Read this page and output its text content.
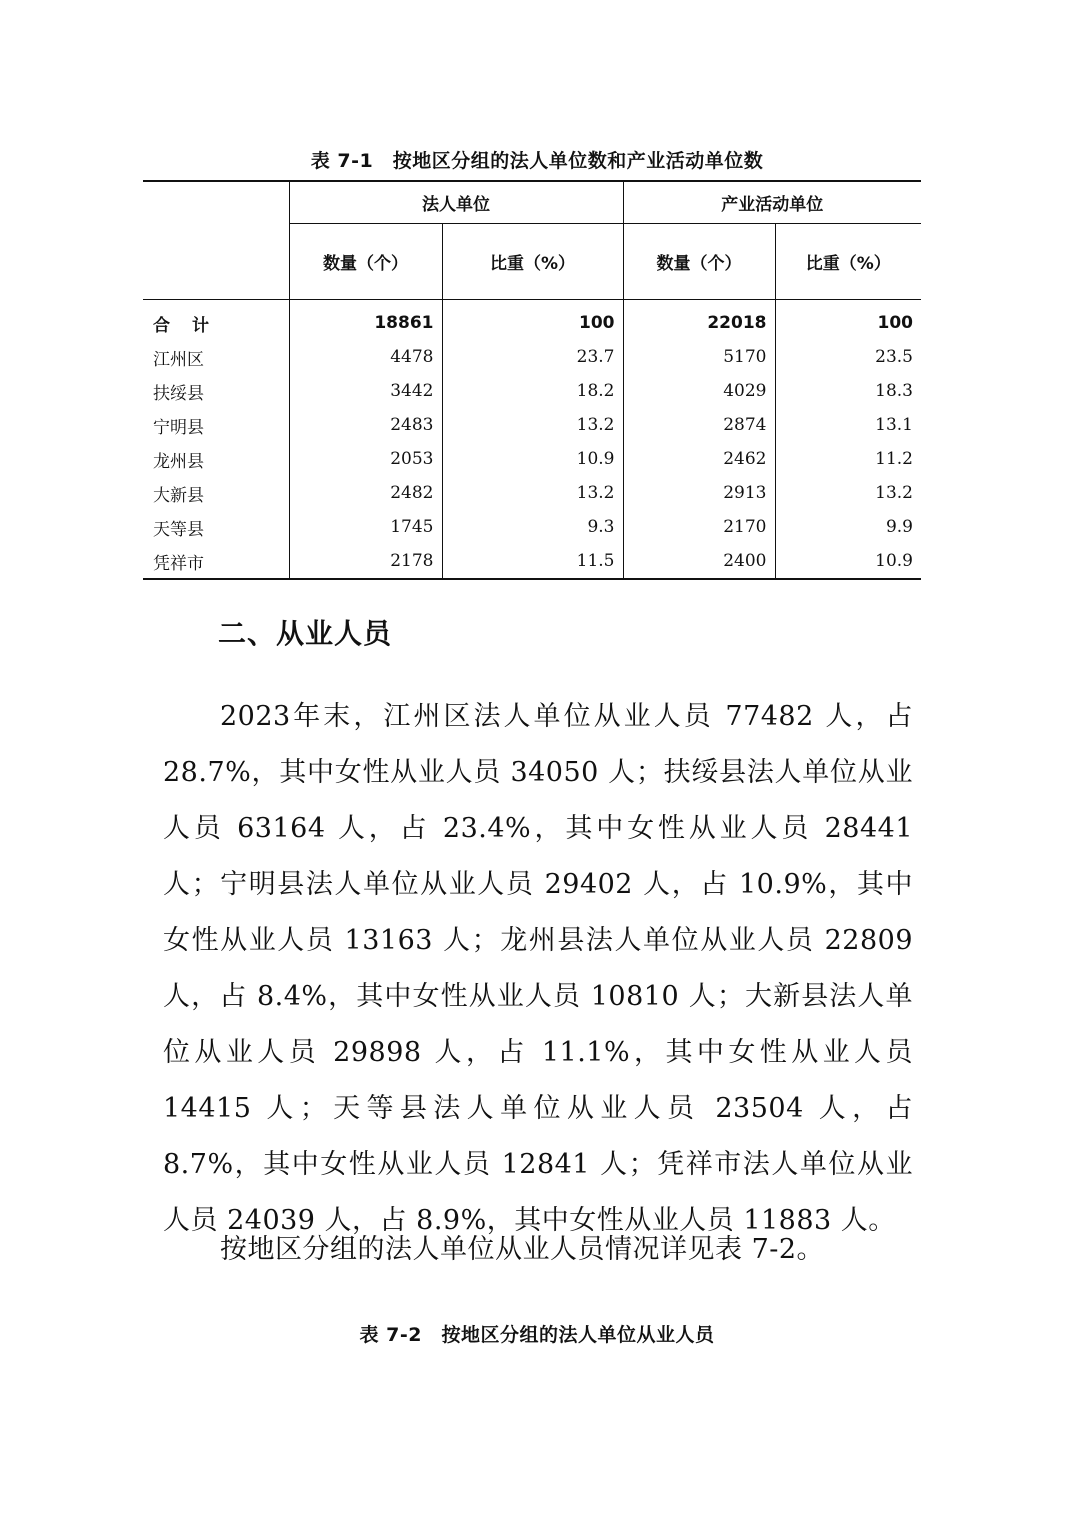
表 7-1　按地区分组的法人单位数和产业活动单位数
	法人单位		产业活动单位	
	数量（个）	比重（%）	数量（个）	比重（%）
合计	18861	100	22018	100
江州区	4478	23.7	5170	23.5
扶绥县	3442	18.2	4029	18.3
宁明县	2483	13.2	2874	13.1
龙州县	2053	10.9	2462	11.2
大新县	2482	13.2	2913	13.2
天等县	1745	9.3	2170	9.9
凭祥市	2178	11.5	2400	10.9
二、从业人员

2023年末，江州区法人单位从业人员 77482 人，占 28.7%，其中女性从业人员 34050 人；扶绥县法人单位从业人员 63164 人，占 23.4%，其中女性从业人员 28441 人；宁明县法人单位从业人员 29402 人，占 10.9%，其中女性从业人员 13163 人；龙州县法人单位从业人员 22809 人，占 8.4%，其中女性从业人员 10810 人；大新县法人单位从业人员 29898 人，占 11.1%，其中女性从业人员 14415 人；天等县法人单位从业人员 23504 人，占 8.7%，其中女性从业人员 12841 人；凭祥市法人单位从业人员 24039 人，占 8.9%，其中女性从业人员 11883 人。

按地区分组的法人单位从业人员情况详见表 7-2。

表 7-2　按地区分组的法人单位从业人员
